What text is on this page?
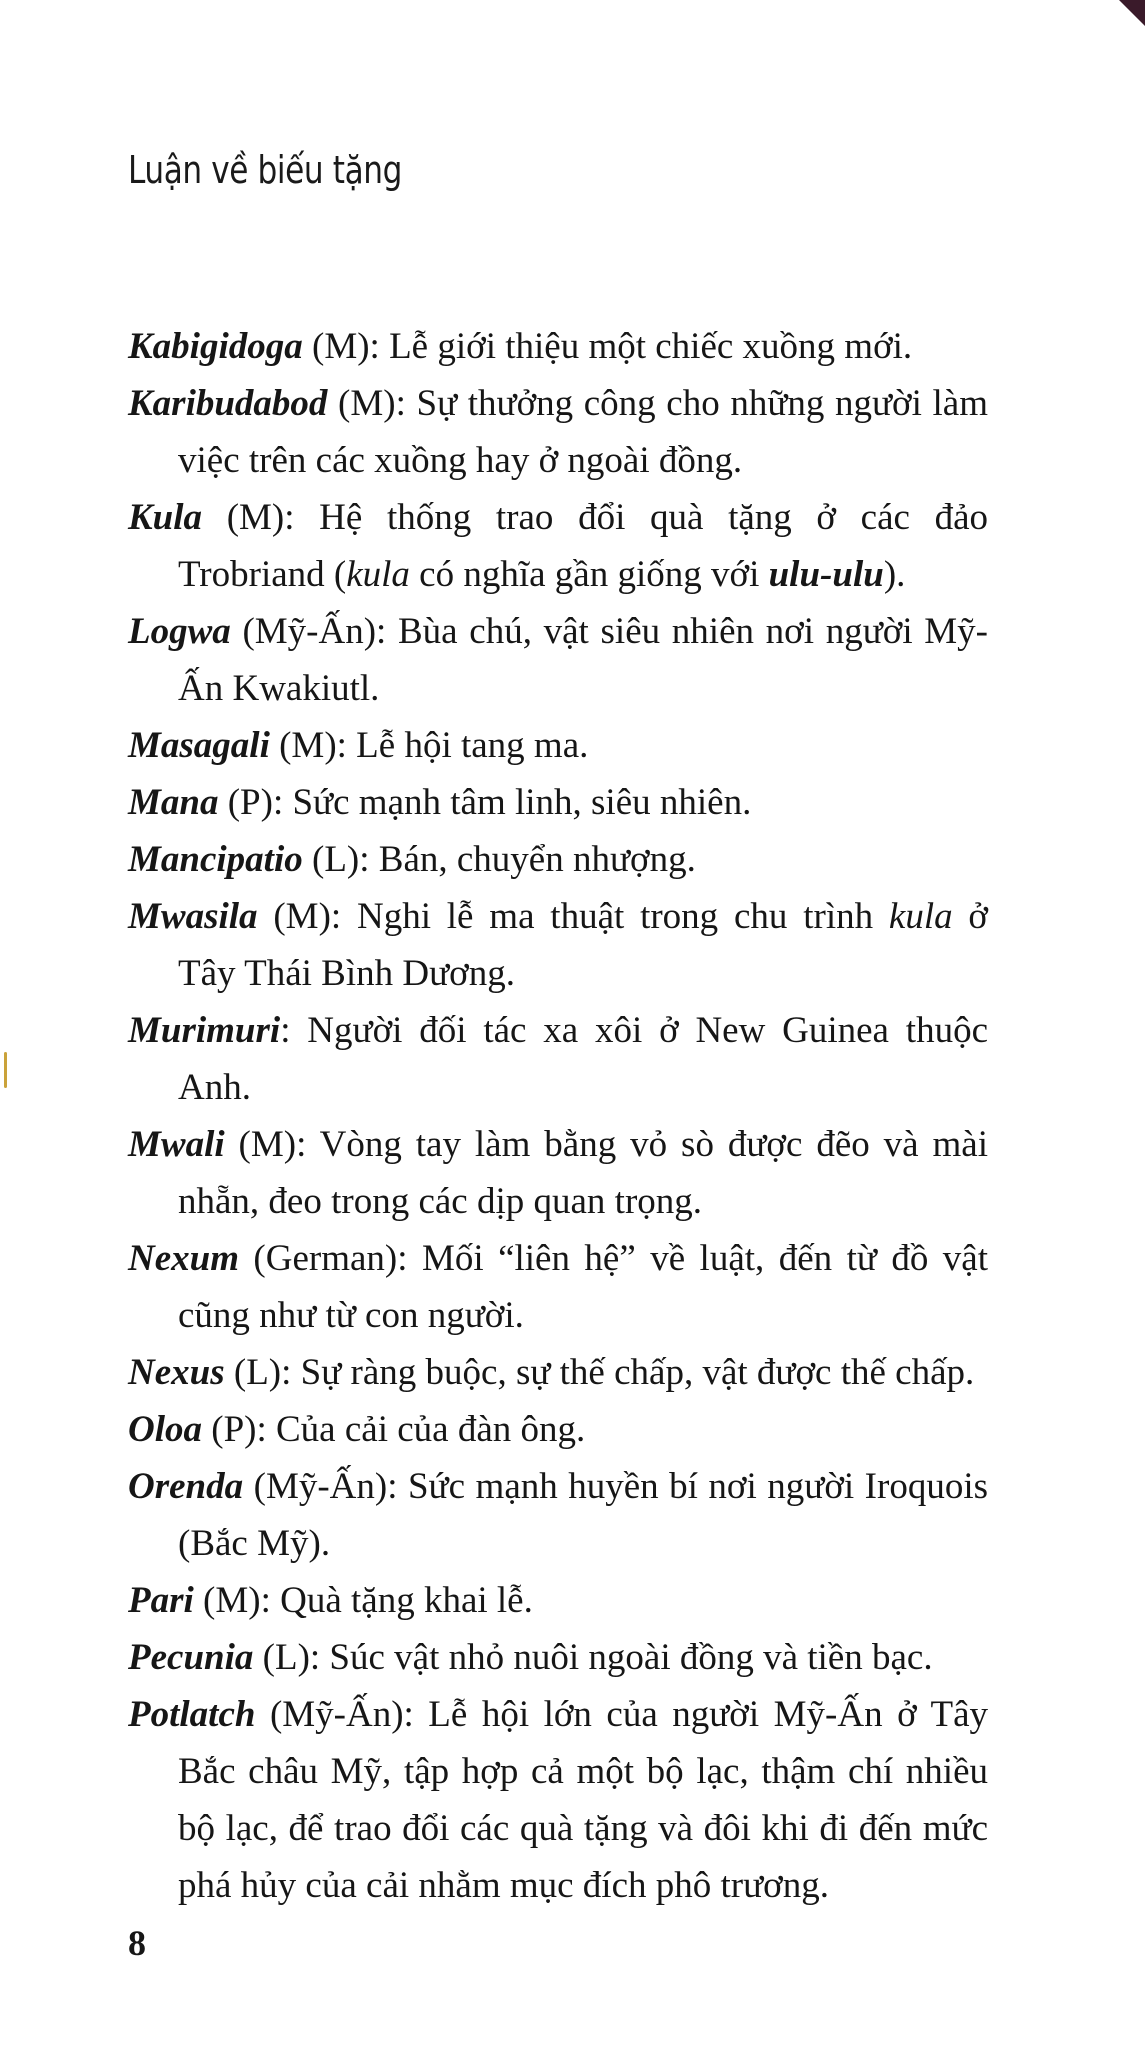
Luận về biếu tặng

Kabigidoga (M): Lễ giới thiệu một chiếc xuồng mới.

Karibudabod (M): Sự thưởng công cho những người làm việc trên các xuồng hay ở ngoài đồng.

Kula (M): Hệ thống trao đổi quà tặng ở các đảo Trobriand (kula có nghĩa gần giống với ulu-ulu).

Logwa (Mỹ-Ấn): Bùa chú, vật siêu nhiên nơi người Mỹ-Ấn Kwakiutl.

Masagali (M): Lễ hội tang ma.

Mana (P): Sức mạnh tâm linh, siêu nhiên.

Mancipatio (L): Bán, chuyển nhượng.

Mwasila (M): Nghi lễ ma thuật trong chu trình kula ở Tây Thái Bình Dương.

Murimuri: Người đối tác xa xôi ở New Guinea thuộc Anh.

Mwali (M): Vòng tay làm bằng vỏ sò được đẽo và mài nhẵn, đeo trong các dịp quan trọng.

Nexum (German): Mối “liên hệ” về luật, đến từ đồ vật cũng như từ con người.

Nexus (L): Sự ràng buộc, sự thế chấp, vật được thế chấp.

Oloa (P): Của cải của đàn ông.

Orenda (Mỹ-Ấn): Sức mạnh huyền bí nơi người Iroquois (Bắc Mỹ).

Pari (M): Quà tặng khai lễ.

Pecunia (L): Súc vật nhỏ nuôi ngoài đồng và tiền bạc.

Potlatch (Mỹ-Ấn): Lễ hội lớn của người Mỹ-Ấn ở Tây Bắc châu Mỹ, tập hợp cả một bộ lạc, thậm chí nhiều bộ lạc, để trao đổi các quà tặng và đôi khi đi đến mức phá hủy của cải nhằm mục đích phô trương.

8
